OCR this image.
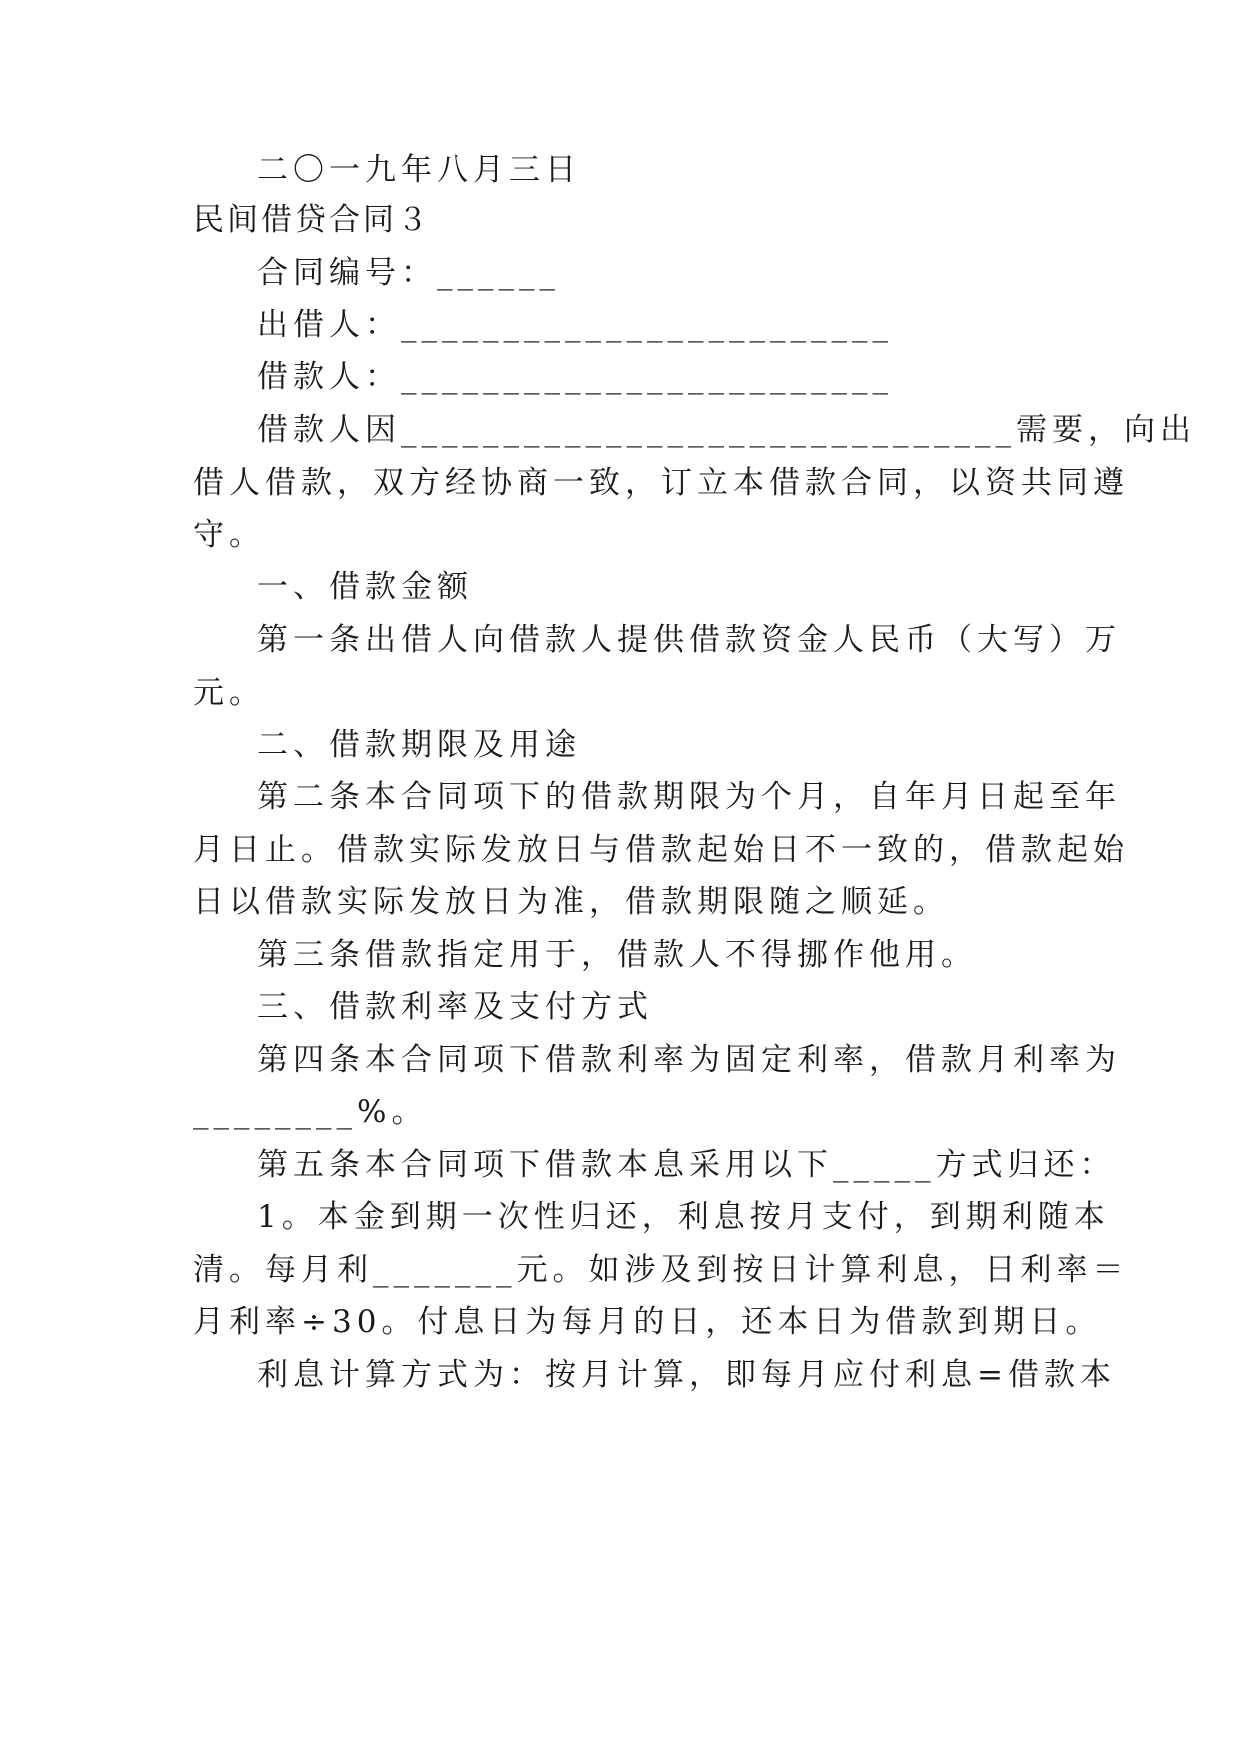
二〇一九年八月三日
民间借贷合同３
合同编号：______
出借人：________________________
借款人：________________________
借款人因______________________________需要，向出
借人借款，双方经协商一致，订立本借款合同，以资共同遵
守。
一、借款金额
第一条出借人向借款人提供借款资金人民币（大写）万
元。
二、借款期限及用途
第二条本合同项下的借款期限为个月，自年月日起至年
月日止。借款实际发放日与借款起始日不一致的，借款起始
日以借款实际发放日为准，借款期限随之顺延。
第三条借款指定用于，借款人不得挪作他用。
三、借款利率及支付方式
第四条本合同项下借款利率为固定利率，借款月利率为
________%。
第五条本合同项下借款本息采用以下_____方式归还：
1。本金到期一次性归还，利息按月支付，到期利随本
清。每月利_______元。如涉及到按日计算利息，日利率＝
月利率÷30。付息日为每月的日，还本日为借款到期日。
利息计算方式为：按月计算，即每月应付利息=借款本
